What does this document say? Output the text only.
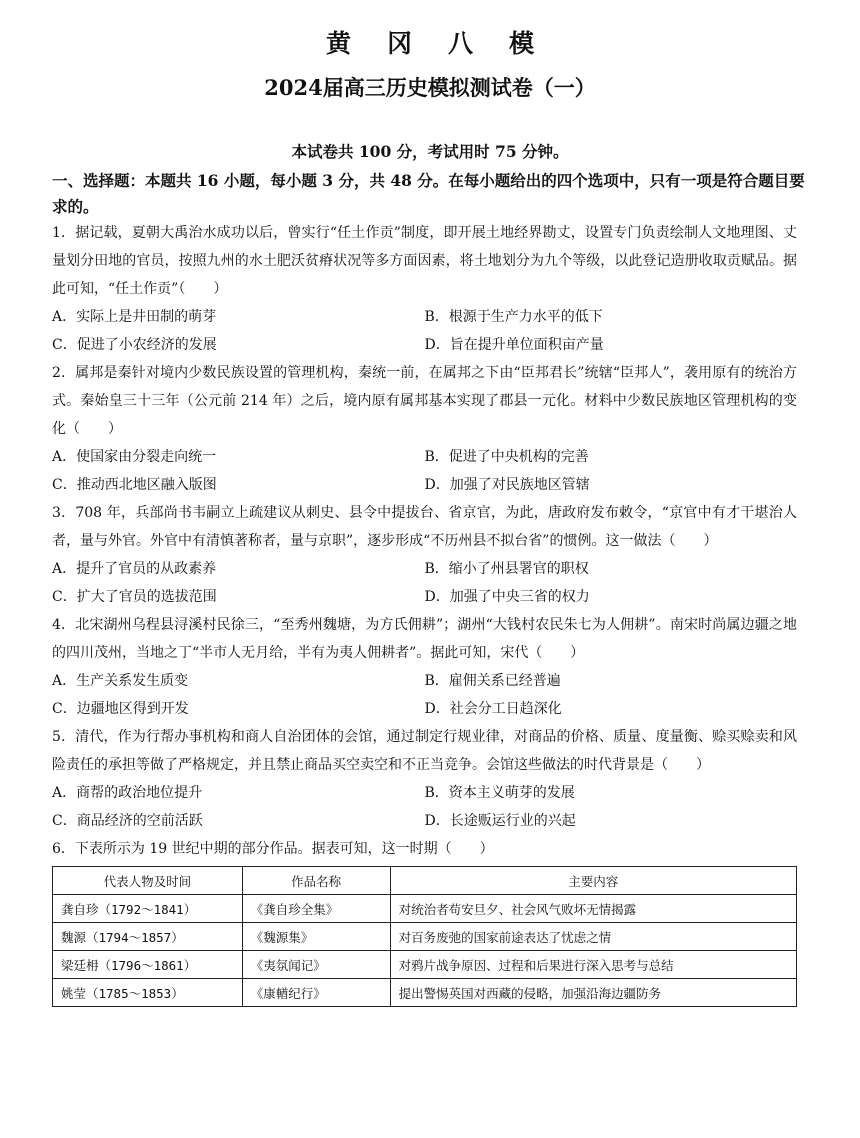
黄冈八模
2024届高三历史模拟测试卷（一）
本试卷共 100 分，考试用时 75 分钟。
一、选择题：本题共 16 小题，每小题 3 分，共 48 分。在每小题给出的四个选项中，只有一项是符合题目要求的。

1．据记载，夏朝大禹治水成功以后，曾实行“任土作贡”制度，即开展土地经界勘丈，设置专门负责绘制人文地理图、丈量划分田地的官员，按照九州的水土肥沃贫瘠状况等多方面因素，将土地划分为九个等级，以此登记造册收取贡赋品。据此可知，“任土作贡”（　　）

A．实际上是井田制的萌芽	B．根源于生产力水平的低下
C．促进了小农经济的发展	D．旨在提升单位面积亩产量

2．属邦是秦针对境内少数民族设置的管理机构，秦统一前，在属邦之下由“臣邦君长”统辖“臣邦人”，袭用原有的统治方式。秦始皇三十三年（公元前 214 年）之后，境内原有属邦基本实现了郡县一元化。材料中少数民族地区管理机构的变化（　　）

A．使国家由分裂走向统一	B．促进了中央机构的完善
C．推动西北地区融入版图	D．加强了对民族地区管辖

3．708 年，兵部尚书韦嗣立上疏建议从刺史、县令中提拔台、省京官，为此，唐政府发布敕令，“京官中有才干堪治人者，量与外官。外官中有清慎著称者，量与京职”，逐步形成“不历州县不拟台省”的惯例。这一做法（　　）

A．提升了官员的从政素养	B．缩小了州县署官的职权
C．扩大了官员的选拔范围	D．加强了中央三省的权力

4．北宋湖州乌程县浔溪村民徐三，“至秀州魏塘，为方氏佣耕”；湖州“大钱村农民朱七为人佣耕”。南宋时尚属边疆之地的四川茂州，当地之丁“半市人无月给，半有为夷人佣耕者”。据此可知，宋代（　　）

A．生产关系发生质变	B．雇佣关系已经普遍
C．边疆地区得到开发	D．社会分工日趋深化

5．清代，作为行帮办事机构和商人自治团体的会馆，通过制定行规业律，对商品的价格、质量、度量衡、赊买赊卖和风险责任的承担等做了严格规定，并且禁止商品买空卖空和不正当竞争。会馆这些做法的时代背景是（　　）

A．商帮的政治地位提升	B．资本主义萌芽的发展
C．商品经济的空前活跃	D．长途贩运行业的兴起

6．下表所示为 19 世纪中期的部分作品。据表可知，这一时期（　　）

代表人物及时间	作品名称	主要内容
龚自珍（1792～1841）	《龚自珍全集》	对统治者苟安旦夕、社会风气败坏无情揭露
魏源（1794～1857）	《魏源集》	对百务废弛的国家前途表达了忧虑之情
梁廷枏（1796～1861）	《夷氛闻记》	对鸦片战争原因、过程和后果进行深入思考与总结
姚莹（1785～1853）	《康輶纪行》	提出警惕英国对西藏的侵略，加强沿海边疆防务
